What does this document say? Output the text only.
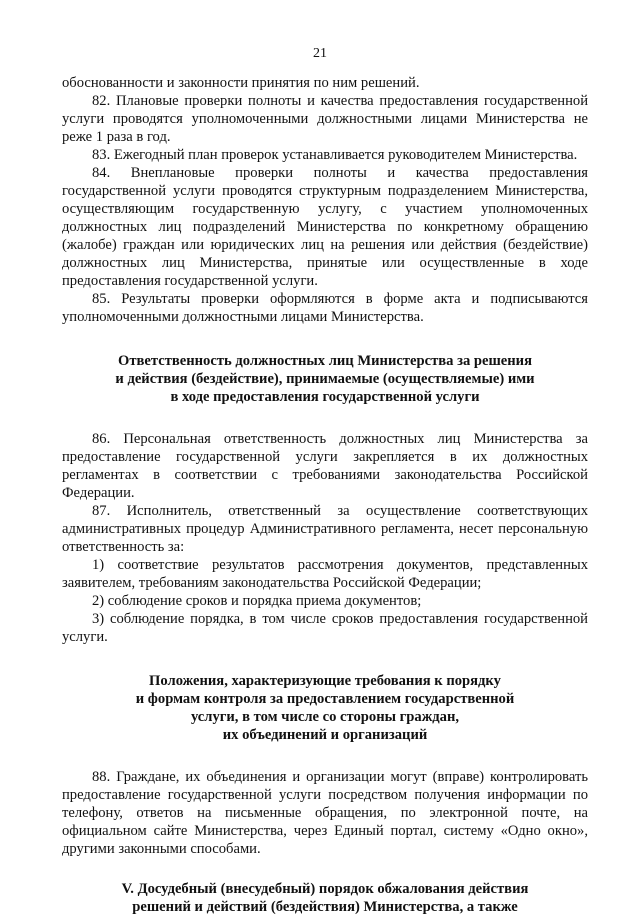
21

обоснованности и законности принятия по ним решений.

82. Плановые проверки полноты и качества предоставления государственной услуги проводятся уполномоченными должностными лицами Министерства не реже 1 раза в год.

83. Ежегодный план проверок устанавливается руководителем Министерства.

84. Внеплановые проверки полноты и качества предоставления государственной услуги проводятся структурным подразделением Министерства, осуществляющим государственную услугу, с участием уполномоченных должностных лиц подразделений Министерства по конкретному обращению (жалобе) граждан или юридических лиц на решения или действия (бездействие) должностных лиц Министерства, принятые или осуществленные в ходе предоставления государственной услуги.

85. Результаты проверки оформляются в форме акта и подписываются уполномоченными должностными лицами Министерства.

Ответственность должностных лиц Министерства за решения
и действия (бездействие), принимаемые (осуществляемые) ими
в ходе предоставления государственной услуги

86. Персональная ответственность должностных лиц Министерства за предоставление государственной услуги закрепляется в их должностных регламентах в соответствии с требованиями законодательства Российской Федерации.

87. Исполнитель, ответственный за осуществление соответствующих административных процедур Административного регламента, несет персональную ответственность за:

1) соответствие результатов рассмотрения документов, представленных заявителем, требованиям законодательства Российской Федерации;

2) соблюдение сроков и порядка приема документов;

3) соблюдение порядка, в том числе сроков предоставления государственной услуги.

Положения, характеризующие требования к порядку
и формам контроля за предоставлением государственной
услуги, в том числе со стороны граждан,
их объединений и организаций

88. Граждане, их объединения и организации могут (вправе) контролировать предоставление государственной услуги посредством получения информации по телефону, ответов на письменные обращения, по электронной почте, на официальном сайте Министерства, через Единый портал, систему «Одно окно», другими законными способами.

V. Досудебный (внесудебный) порядок обжалования действия
решений и действий (бездействия) Министерства, а также
